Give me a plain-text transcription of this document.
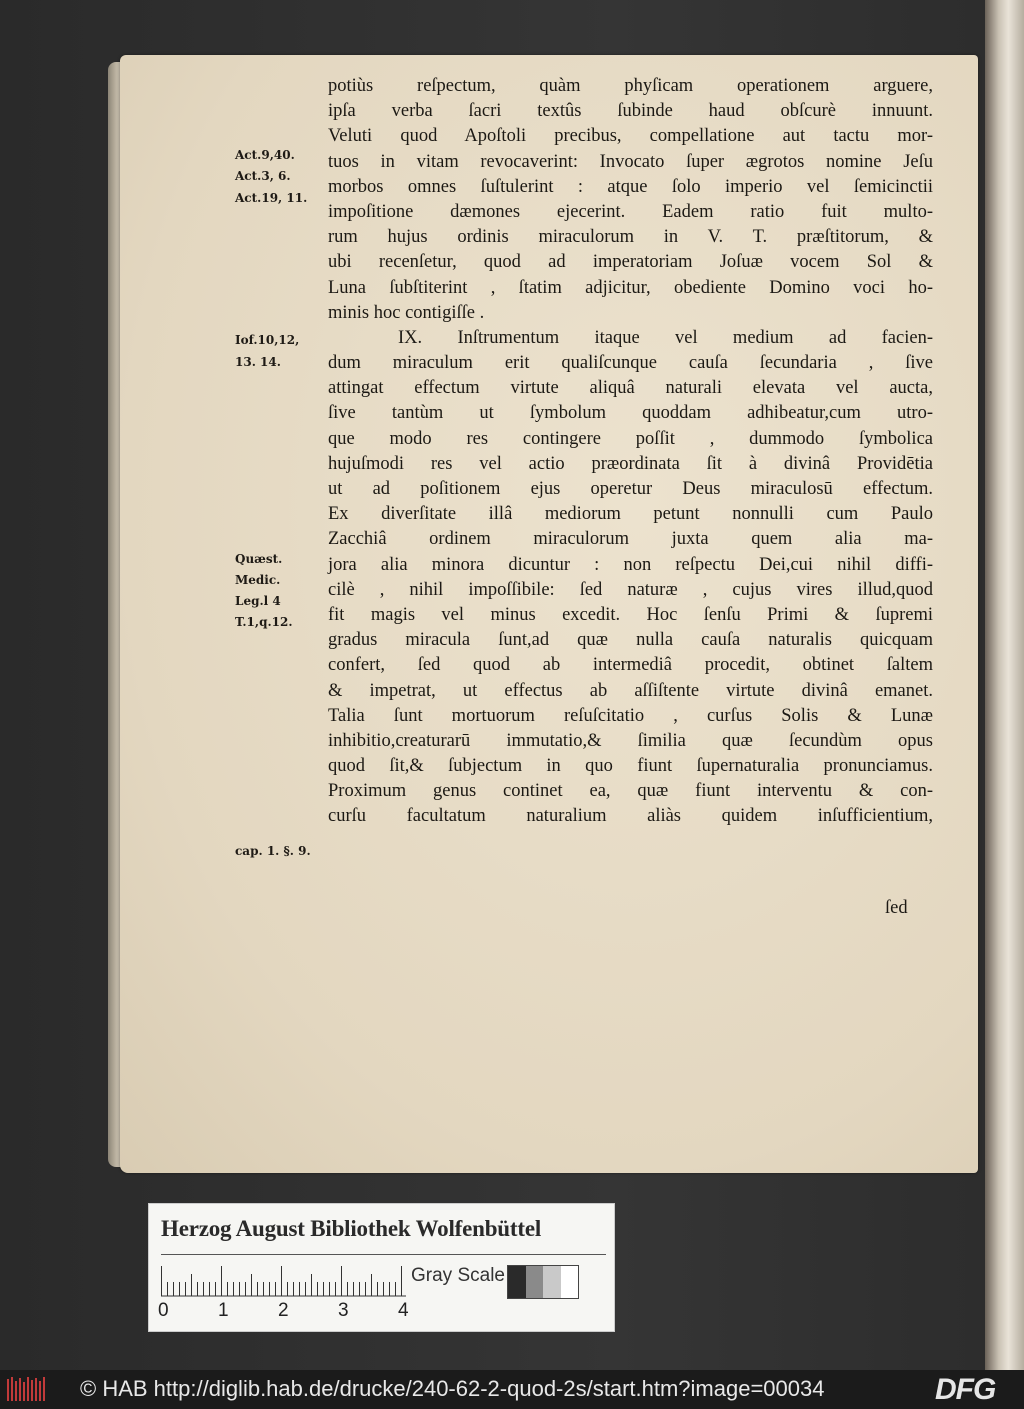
Act.9,40.
Act.3, 6.
Act.19, 11.
Iof.10,12,
13. 14.
Quæst.
Medic.
Leg.l 4
T.1,q.12.
cap. 1. §. 9.
potiùs reſpectum, quàm phyſicam operationem arguere,
ipſa verba ſacri textûs ſubinde haud obſcurè innuunt.
Veluti quod Apoſtoli precibus, compellatione aut tactu mor-
tuos in vitam revocaverint: Invocato ſuper ægrotos nomine Jeſu
morbos omnes ſuſtulerint : atque ſolo imperio vel ſemicinctii
impoſitione dæmones ejecerint. Eadem ratio fuit multo-
rum hujus ordinis miraculorum in V. T. præſtitorum, &
ubi recenſetur, quod ad imperatoriam Joſuæ vocem Sol &
Luna ſubſtiterint , ſtatim adjicitur, obediente Domino voci ho-
minis hoc contigiſſe .
IX. Inſtrumentum itaque vel medium ad facien-
dum miraculum erit qualiſcunque cauſa ſecundaria , ſive
attingat effectum virtute aliquâ naturali elevata vel aucta,
ſive tantùm ut ſymbolum quoddam adhibeatur,cum utro-
que modo res contingere poſſit , dummodo ſymbolica
hujuſmodi res vel actio præordinata ſit à divinâ Providētia
ut ad poſitionem ejus operetur Deus miraculosū effectum.
Ex diverſitate illâ mediorum petunt nonnulli cum Paulo
Zacchiâ ordinem miraculorum juxta quem alia ma-
jora alia minora dicuntur : non reſpectu Dei,cui nihil diffi-
cilè , nihil impoſſibile: ſed naturæ , cujus vires illud,quod
fit magis vel minus excedit. Hoc ſenſu Primi & ſupremi
gradus miracula ſunt,ad quæ nulla cauſa naturalis quicquam
confert, ſed quod ab intermediâ procedit, obtinet ſaltem
& impetrat, ut effectus ab aſſiſtente virtute divinâ emanet.
Talia ſunt mortuorum reſuſcitatio , curſus Solis & Lunæ
inhibitio,creaturarū immutatio,& ſimilia quæ ſecundùm opus
quod ſit,& ſubjectum in quo fiunt ſupernaturalia pronunciamus.
Proximum genus continet ea, quæ fiunt interventu & con-
curſu facultatum naturalium aliàs quidem inſufficientium,
ſed
Herzog August Bibliothek Wolfenbüttel
0	1	2	3	4
Gray Scale
© HAB http://diglib.hab.de/drucke/240-62-2-quod-2s/start.htm?image=00034	DFG
